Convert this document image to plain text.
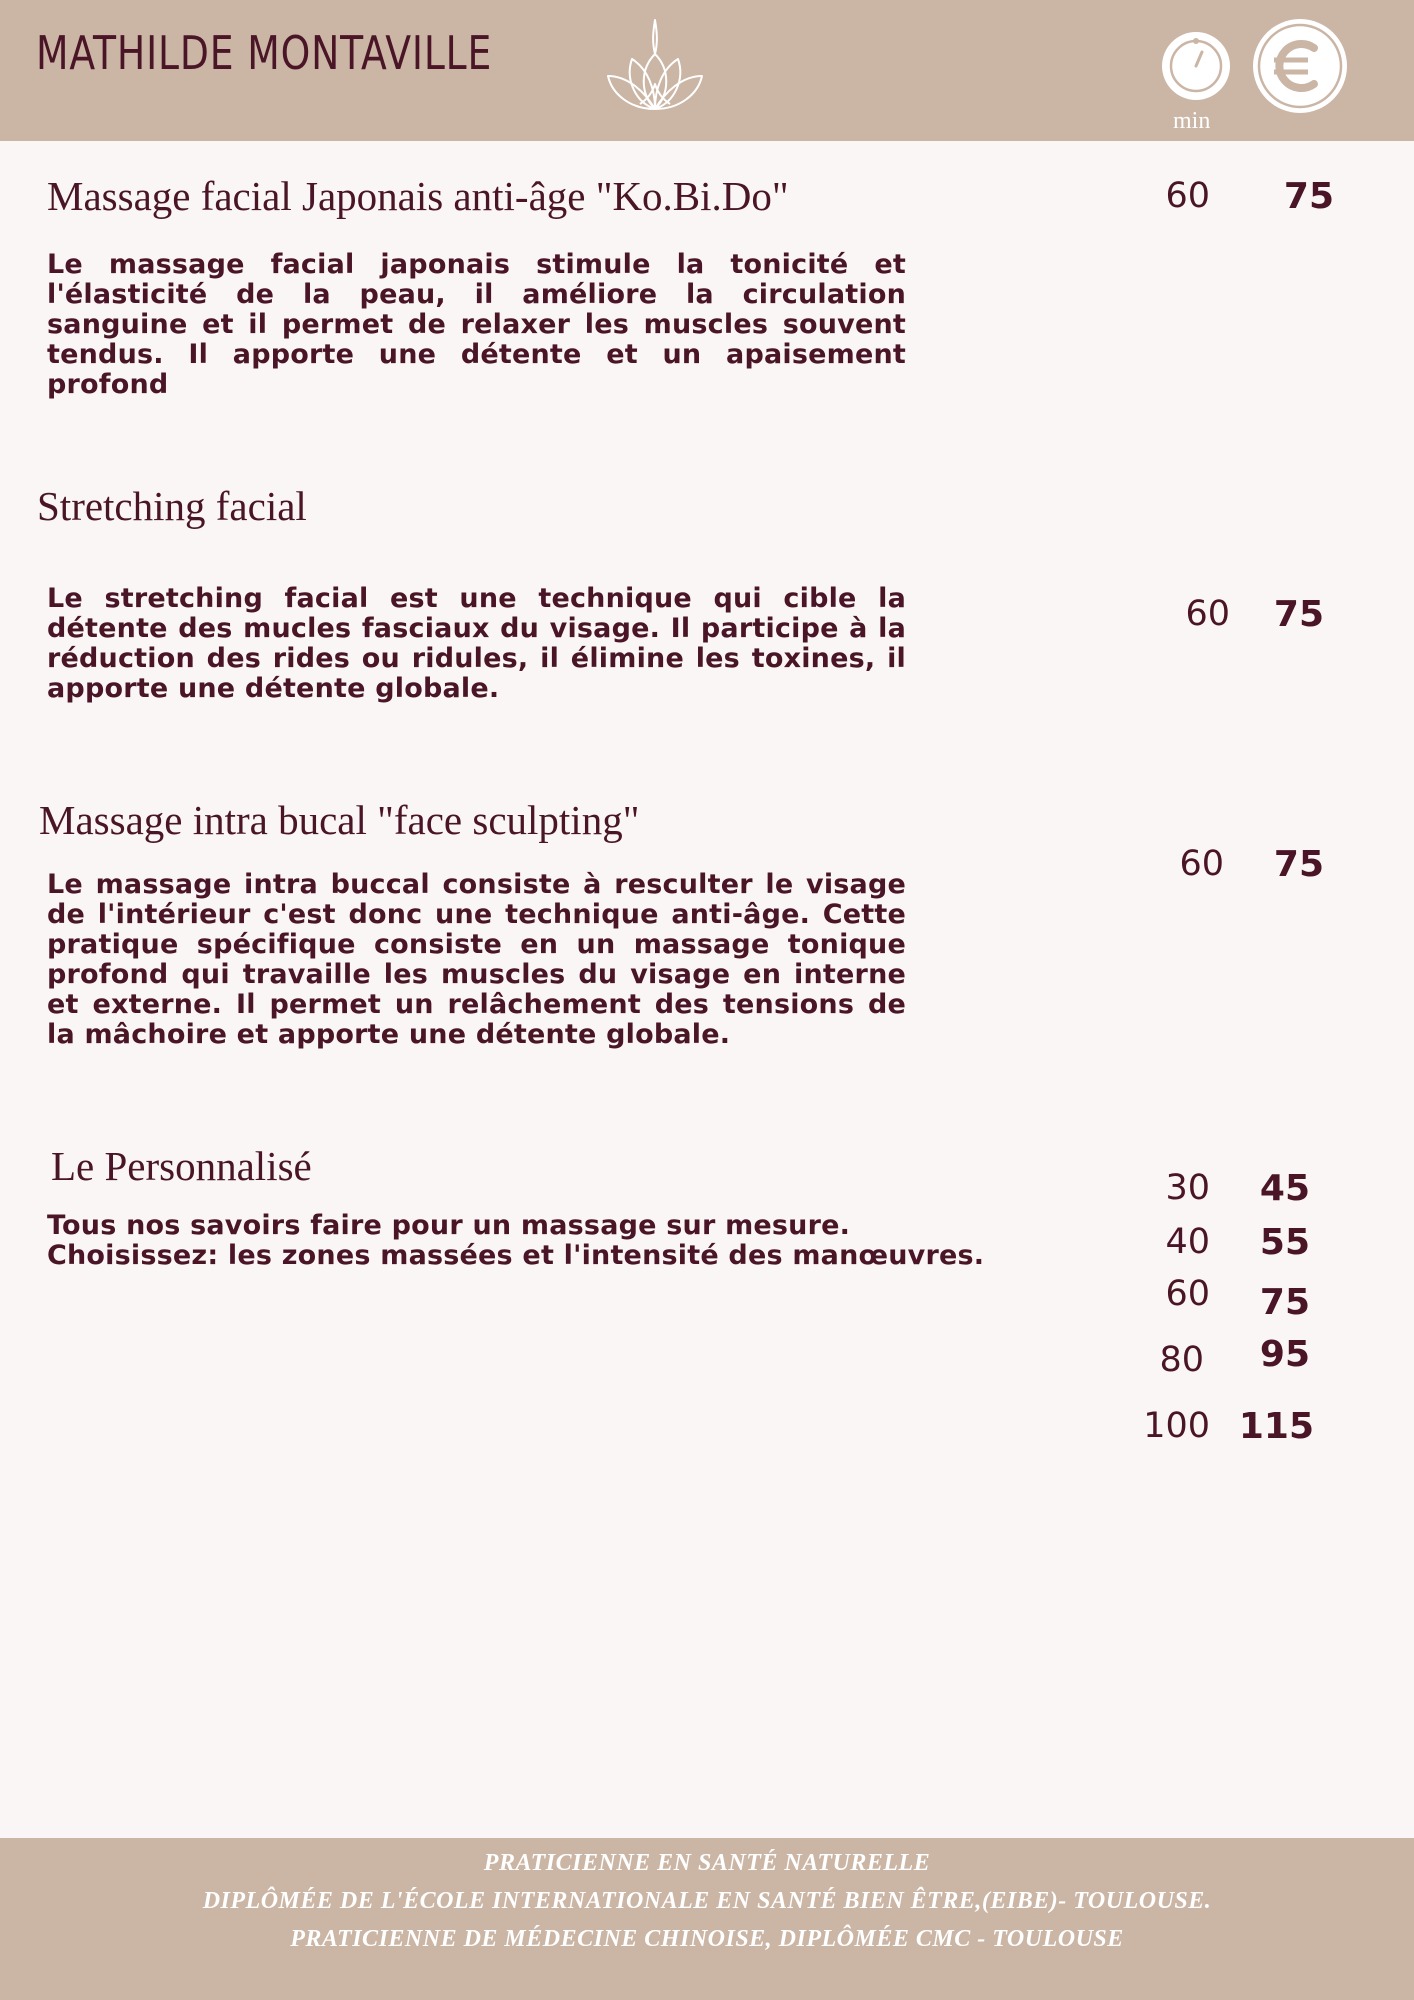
MATHILDE MONTAVILLE
min
Massage facial Japonais anti-âge "Ko.Bi.Do"
Le massage facial japonais stimule la tonicité et l'élasticité de la peau, il améliore la circulation sanguine et il permet de relaxer les muscles souvent tendus. Il apporte une détente et un apaisement profond
60	75
Stretching facial
Le stretching facial est une technique qui cible la détente des mucles fasciaux du visage. Il participe à la réduction des rides ou ridules, il élimine les toxines, il apporte une détente globale.
60	75
Massage intra bucal "face sculpting"
Le massage intra buccal consiste à resculter le visage de l'intérieur c'est donc une technique anti-âge. Cette pratique spécifique consiste en un massage tonique profond qui travaille les muscles du visage en interne et externe. Il permet un relâchement des tensions de la mâchoire et apporte une détente globale.
60	75
Le Personnalisé
Tous nos savoirs faire pour un massage sur mesure.
Choisissez: les zones massées et l'intensité des manœuvres.
30	45
40	55
60	75
80	95
100 115
PRATICIENNE EN SANTÉ NATURELLE
DIPLÔMÉE DE L'ÉCOLE INTERNATIONALE EN SANTÉ BIEN ÊTRE,(EIBE)- TOULOUSE.
PRATICIENNE DE MÉDECINE CHINOISE, DIPLÔMÉE CMC - TOULOUSE
